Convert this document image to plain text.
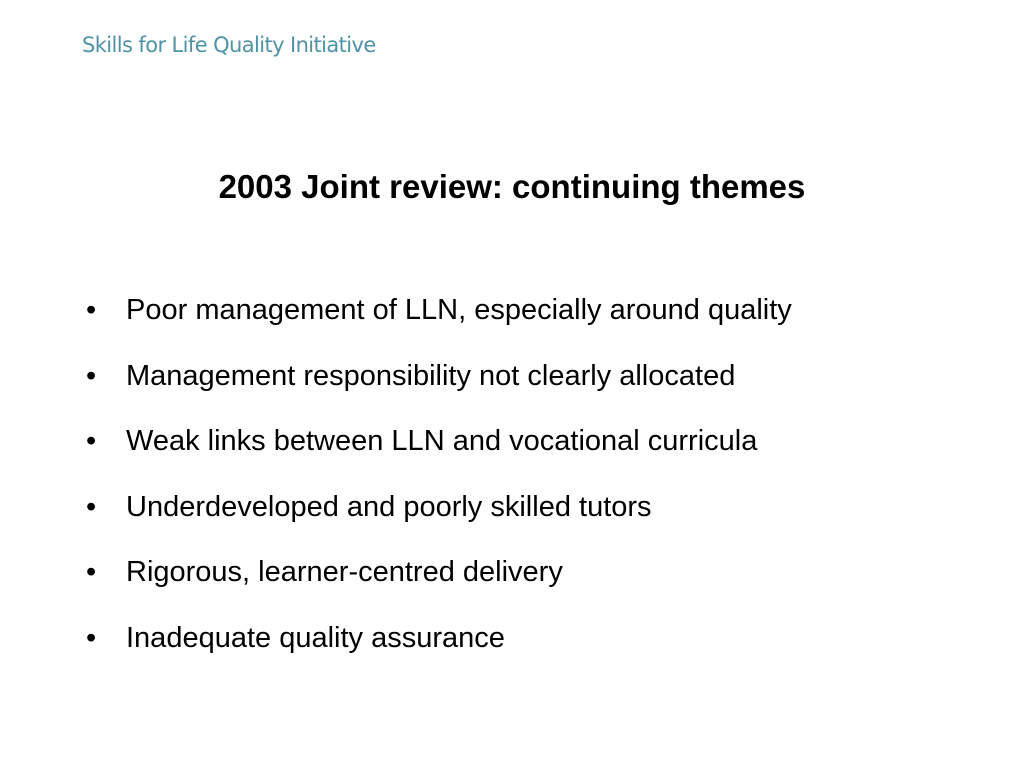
Skills for Life Quality Initiative
2003 Joint review: continuing themes
•	Poor management of LLN, especially around quality
•	Management responsibility not clearly allocated
•	Weak links between LLN and vocational curricula
•	Underdeveloped and poorly skilled tutors
•	Rigorous, learner-centred delivery
•	Inadequate quality assurance
